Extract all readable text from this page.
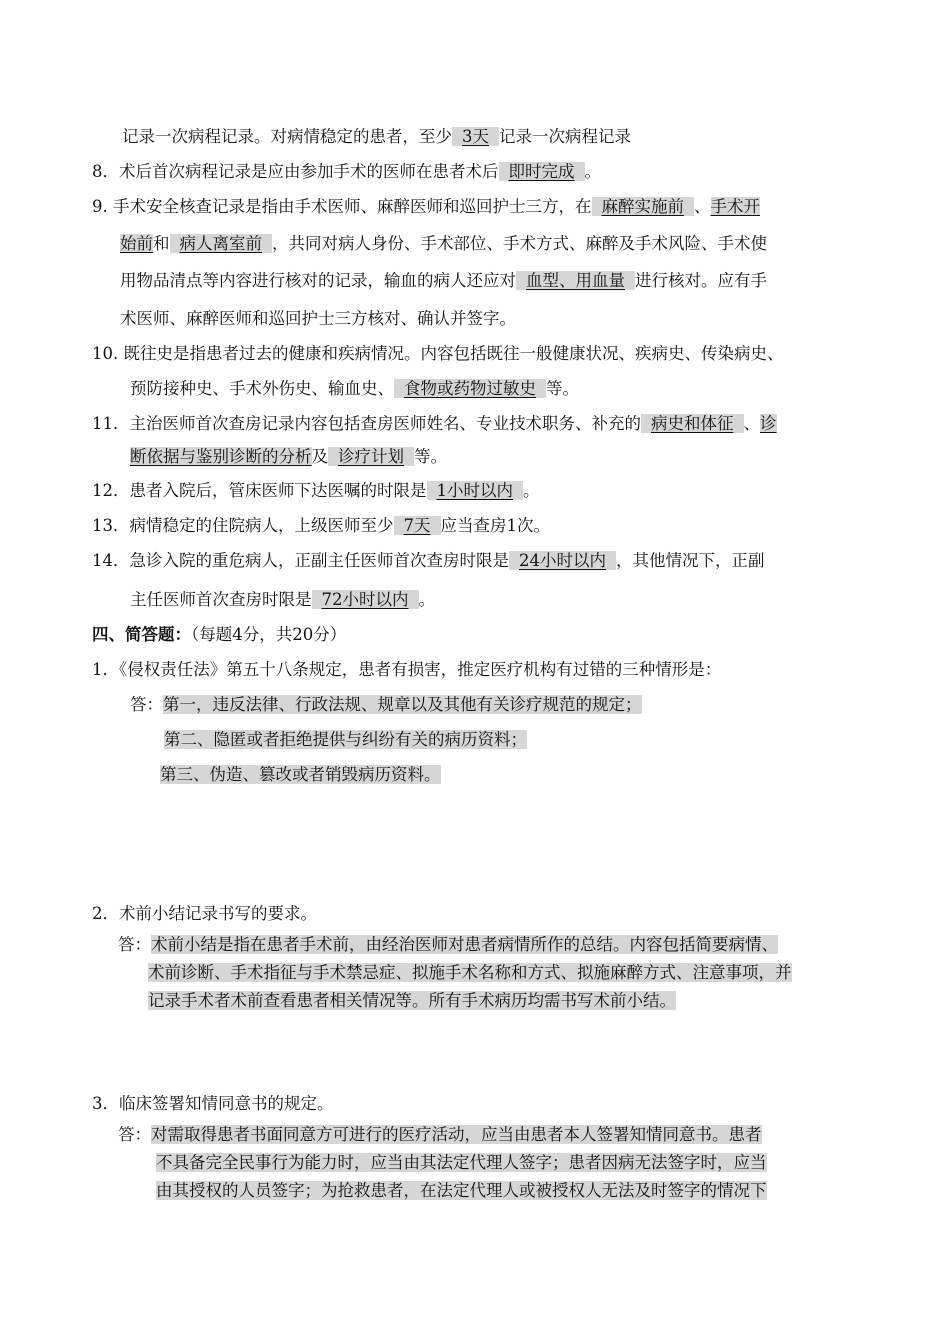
记录一次病程记录。对病情稳定的患者，至少 3天 记录一次病程记录
8．术后首次病程记录是应由参加手术的医师在患者术后 即时完成 。
9. 手术安全核查记录是指由手术医师、麻醉医师和巡回护士三方，在 麻醉实施前 、手术开
始前和 病人离室前 ，共同对病人身份、手术部位、手术方式、麻醉及手术风险、手术使
用物品清点等内容进行核对的记录，输血的病人还应对 血型、用血量 进行核对。应有手
术医师、麻醉医师和巡回护士三方核对、确认并签字。
10. 既往史是指患者过去的健康和疾病情况。内容包括既往一般健康状况、疾病史、传染病史、
预防接种史、手术外伤史、输血史、 食物或药物过敏史 等。
11．主治医师首次查房记录内容包括查房医师姓名、专业技术职务、补充的 病史和体征 、诊
断依据与鉴别诊断的分析及 诊疗计划 等。
12．患者入院后，管床医师下达医嘱的时限是 1小时以内 。
13．病情稳定的住院病人，上级医师至少 7天 应当查房1次。
14．急诊入院的重危病人，正副主任医师首次查房时限是 24小时以内 ，其他情况下，正副
主任医师首次查房时限是 72小时以内 。
四、简答题：（每题4分，共20分）
1．《侵权责任法》第五十八条规定，患者有损害，推定医疗机构有过错的三种情形是：
答：第一，违反法律、行政法规、规章以及其他有关诊疗规范的规定；
第二、隐匿或者拒绝提供与纠纷有关的病历资料；
第三、伪造、篡改或者销毁病历资料。
2．术前小结记录书写的要求。
答：术前小结是指在患者手术前，由经治医师对患者病情所作的总结。内容包括简要病情、
术前诊断、手术指征与手术禁忌症、拟施手术名称和方式、拟施麻醉方式、注意事项，并
记录手术者术前查看患者相关情况等。所有手术病历均需书写术前小结。
3．临床签署知情同意书的规定。
答：对需取得患者书面同意方可进行的医疗活动，应当由患者本人签署知情同意书。患者
不具备完全民事行为能力时，应当由其法定代理人签字；患者因病无法签字时，应当
由其授权的人员签字；为抢救患者，在法定代理人或被授权人无法及时签字的情况下
